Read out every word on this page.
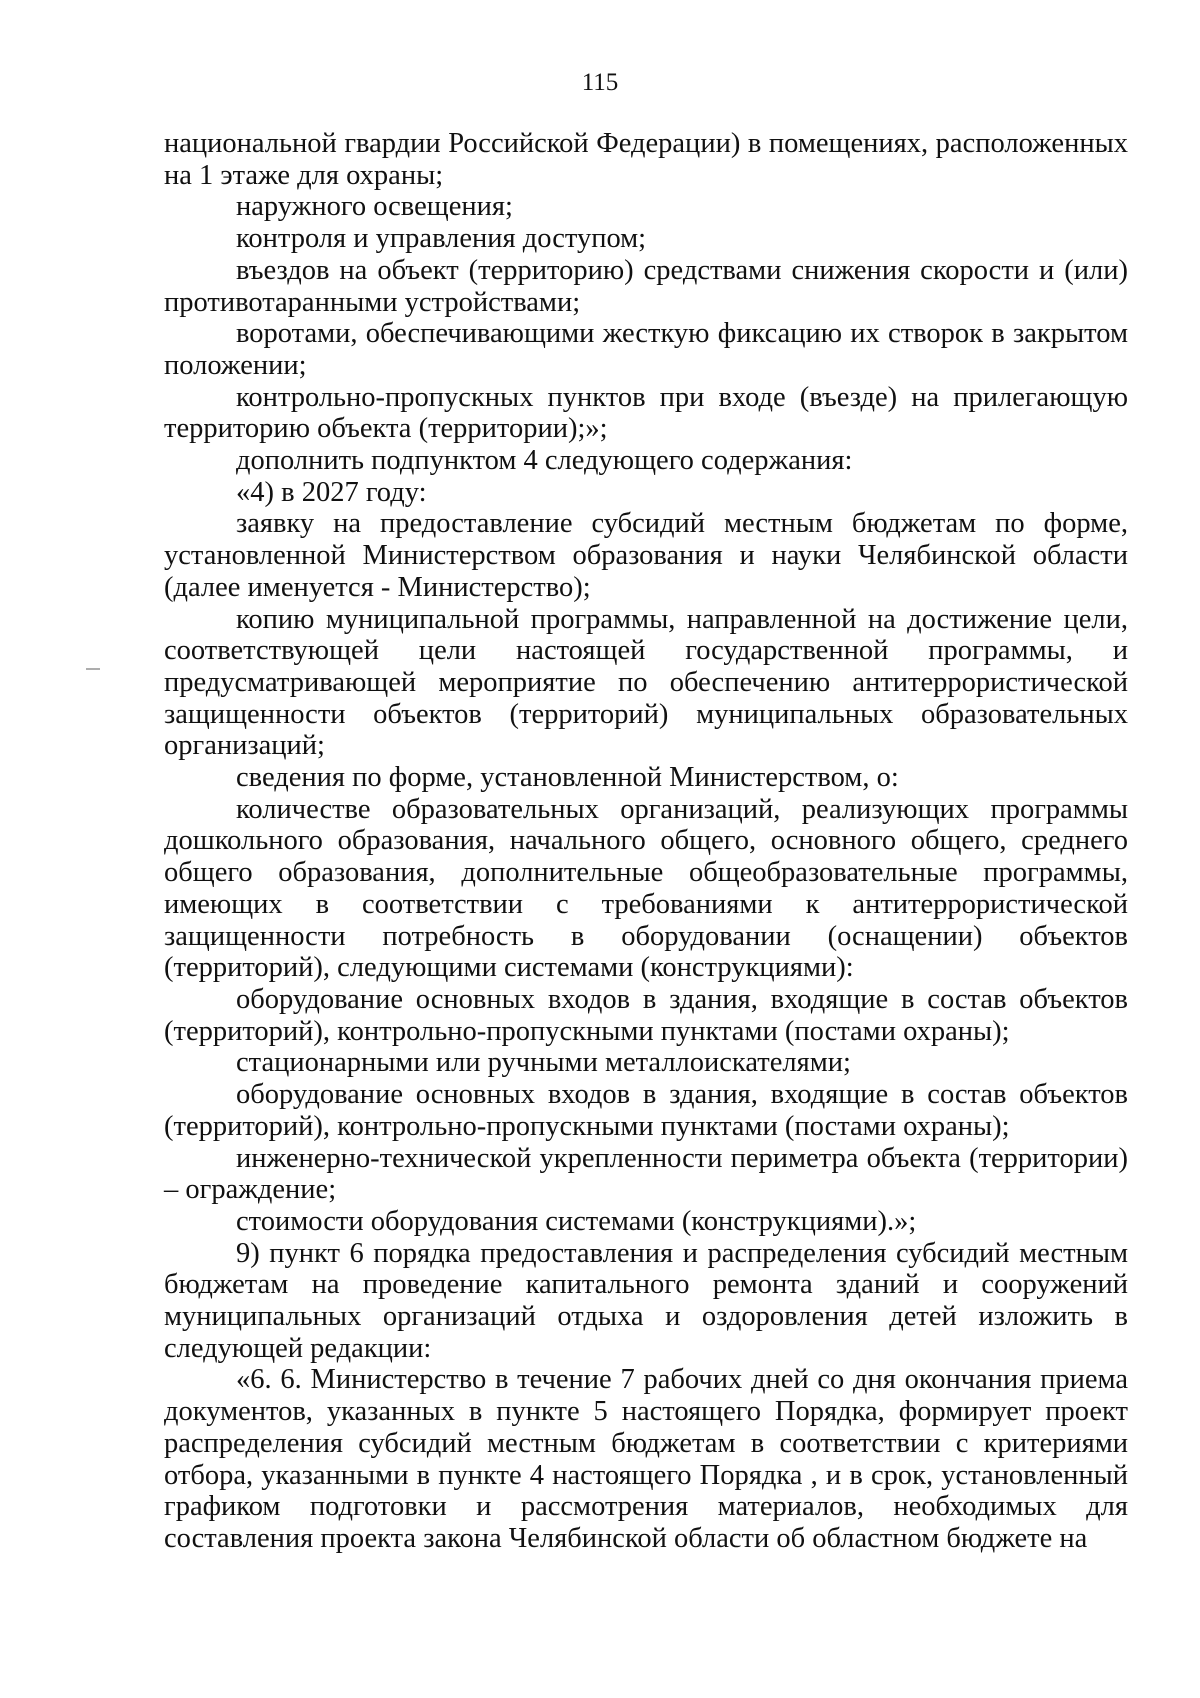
115

национальной гвардии Российской Федерации) в помещениях, расположенных на 1 этаже для охраны;

наружного освещения;

контроля и управления доступом;

въездов на объект (территорию) средствами снижения скорости и (или) противотаранными устройствами;

воротами, обеспечивающими жесткую фиксацию их створок в закрытом положении;

контрольно-пропускных пунктов при входе (въезде) на прилегающую территорию объекта (территории);»;

дополнить подпунктом 4 следующего содержания:

«4) в 2027 году:

заявку на предоставление субсидий местным бюджетам по форме, установленной Министерством образования и науки Челябинской области (далее именуется - Министерство);

копию муниципальной программы, направленной на достижение цели, соответствующей цели настоящей государственной программы, и предусматривающей мероприятие по обеспечению антитеррористической защищенности объектов (территорий) муниципальных образовательных организаций;

сведения по форме, установленной Министерством, о:

количестве образовательных организаций, реализующих программы дошкольного образования, начального общего, основного общего, среднего общего образования, дополнительные общеобразовательные программы, имеющих в соответствии с требованиями к антитеррористической защищенности потребность в оборудовании (оснащении) объектов (территорий), следующими системами (конструкциями):

оборудование основных входов в здания, входящие в состав объектов (территорий), контрольно-пропускными пунктами (постами охраны);

стационарными или ручными металлоискателями;

оборудование основных входов в здания, входящие в состав объектов (территорий), контрольно-пропускными пунктами (постами охраны);

инженерно-технической укрепленности периметра объекта (территории) – ограждение;

стоимости оборудования системами (конструкциями).»;

9) пункт 6 порядка предоставления и распределения субсидий местным бюджетам на проведение капитального ремонта зданий и сооружений муниципальных организаций отдыха и оздоровления детей изложить в следующей редакции:

«6. 6. Министерство в течение 7 рабочих дней со дня окончания приема документов, указанных в пункте 5 настоящего Порядка, формирует проект распределения субсидий местным бюджетам в соответствии с критериями отбора, указанными в пункте 4 настоящего Порядка , и в срок, установленный графиком подготовки и рассмотрения материалов, необходимых для составления проекта закона Челябинской области об областном бюджете на
